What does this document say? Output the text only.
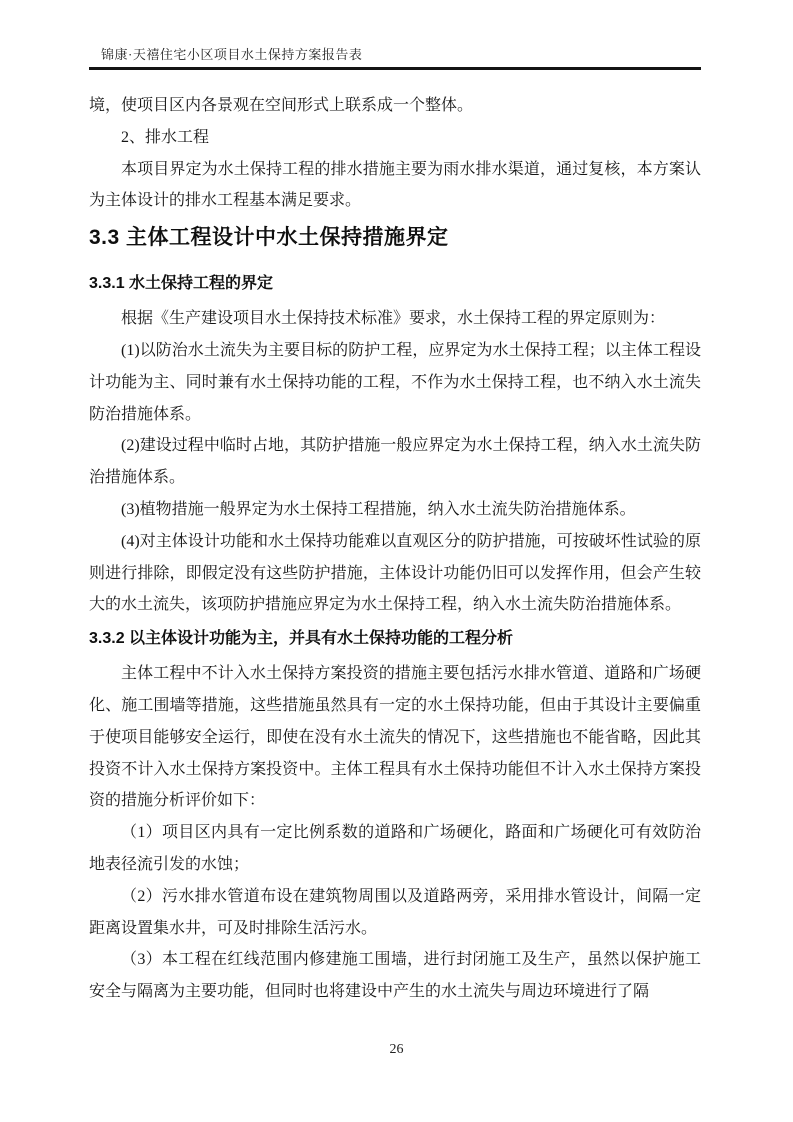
锦康·天禧住宅小区项目水土保持方案报告表

境，使项目区内各景观在空间形式上联系成一个整体。

2、排水工程

本项目界定为水土保持工程的排水措施主要为雨水排水渠道，通过复核，本方案认为主体设计的排水工程基本满足要求。

3.3 主体工程设计中水土保持措施界定
3.3.1 水土保持工程的界定

根据《生产建设项目水土保持技术标准》要求，水土保持工程的界定原则为：

(1)以防治水土流失为主要目标的防护工程，应界定为水土保持工程；以主体工程设计功能为主、同时兼有水土保持功能的工程，不作为水土保持工程，也不纳入水土流失防治措施体系。

(2)建设过程中临时占地，其防护措施一般应界定为水土保持工程，纳入水土流失防治措施体系。

(3)植物措施一般界定为水土保持工程措施，纳入水土流失防治措施体系。

(4)对主体设计功能和水土保持功能难以直观区分的防护措施，可按破坏性试验的原则进行排除，即假定没有这些防护措施，主体设计功能仍旧可以发挥作用，但会产生较大的水土流失，该项防护措施应界定为水土保持工程，纳入水土流失防治措施体系。

3.3.2 以主体设计功能为主，并具有水土保持功能的工程分析

主体工程中不计入水土保持方案投资的措施主要包括污水排水管道、道路和广场硬化、施工围墙等措施，这些措施虽然具有一定的水土保持功能，但由于其设计主要偏重于使项目能够安全运行，即使在没有水土流失的情况下，这些措施也不能省略，因此其投资不计入水土保持方案投资中。主体工程具有水土保持功能但不计入水土保持方案投资的措施分析评价如下：

（1）项目区内具有一定比例系数的道路和广场硬化，路面和广场硬化可有效防治地表径流引发的水蚀；

（2）污水排水管道布设在建筑物周围以及道路两旁，采用排水管设计，间隔一定距离设置集水井，可及时排除生活污水。

（3）本工程在红线范围内修建施工围墙，进行封闭施工及生产，虽然以保护施工安全与隔离为主要功能，但同时也将建设中产生的水土流失与周边环境进行了隔

26
